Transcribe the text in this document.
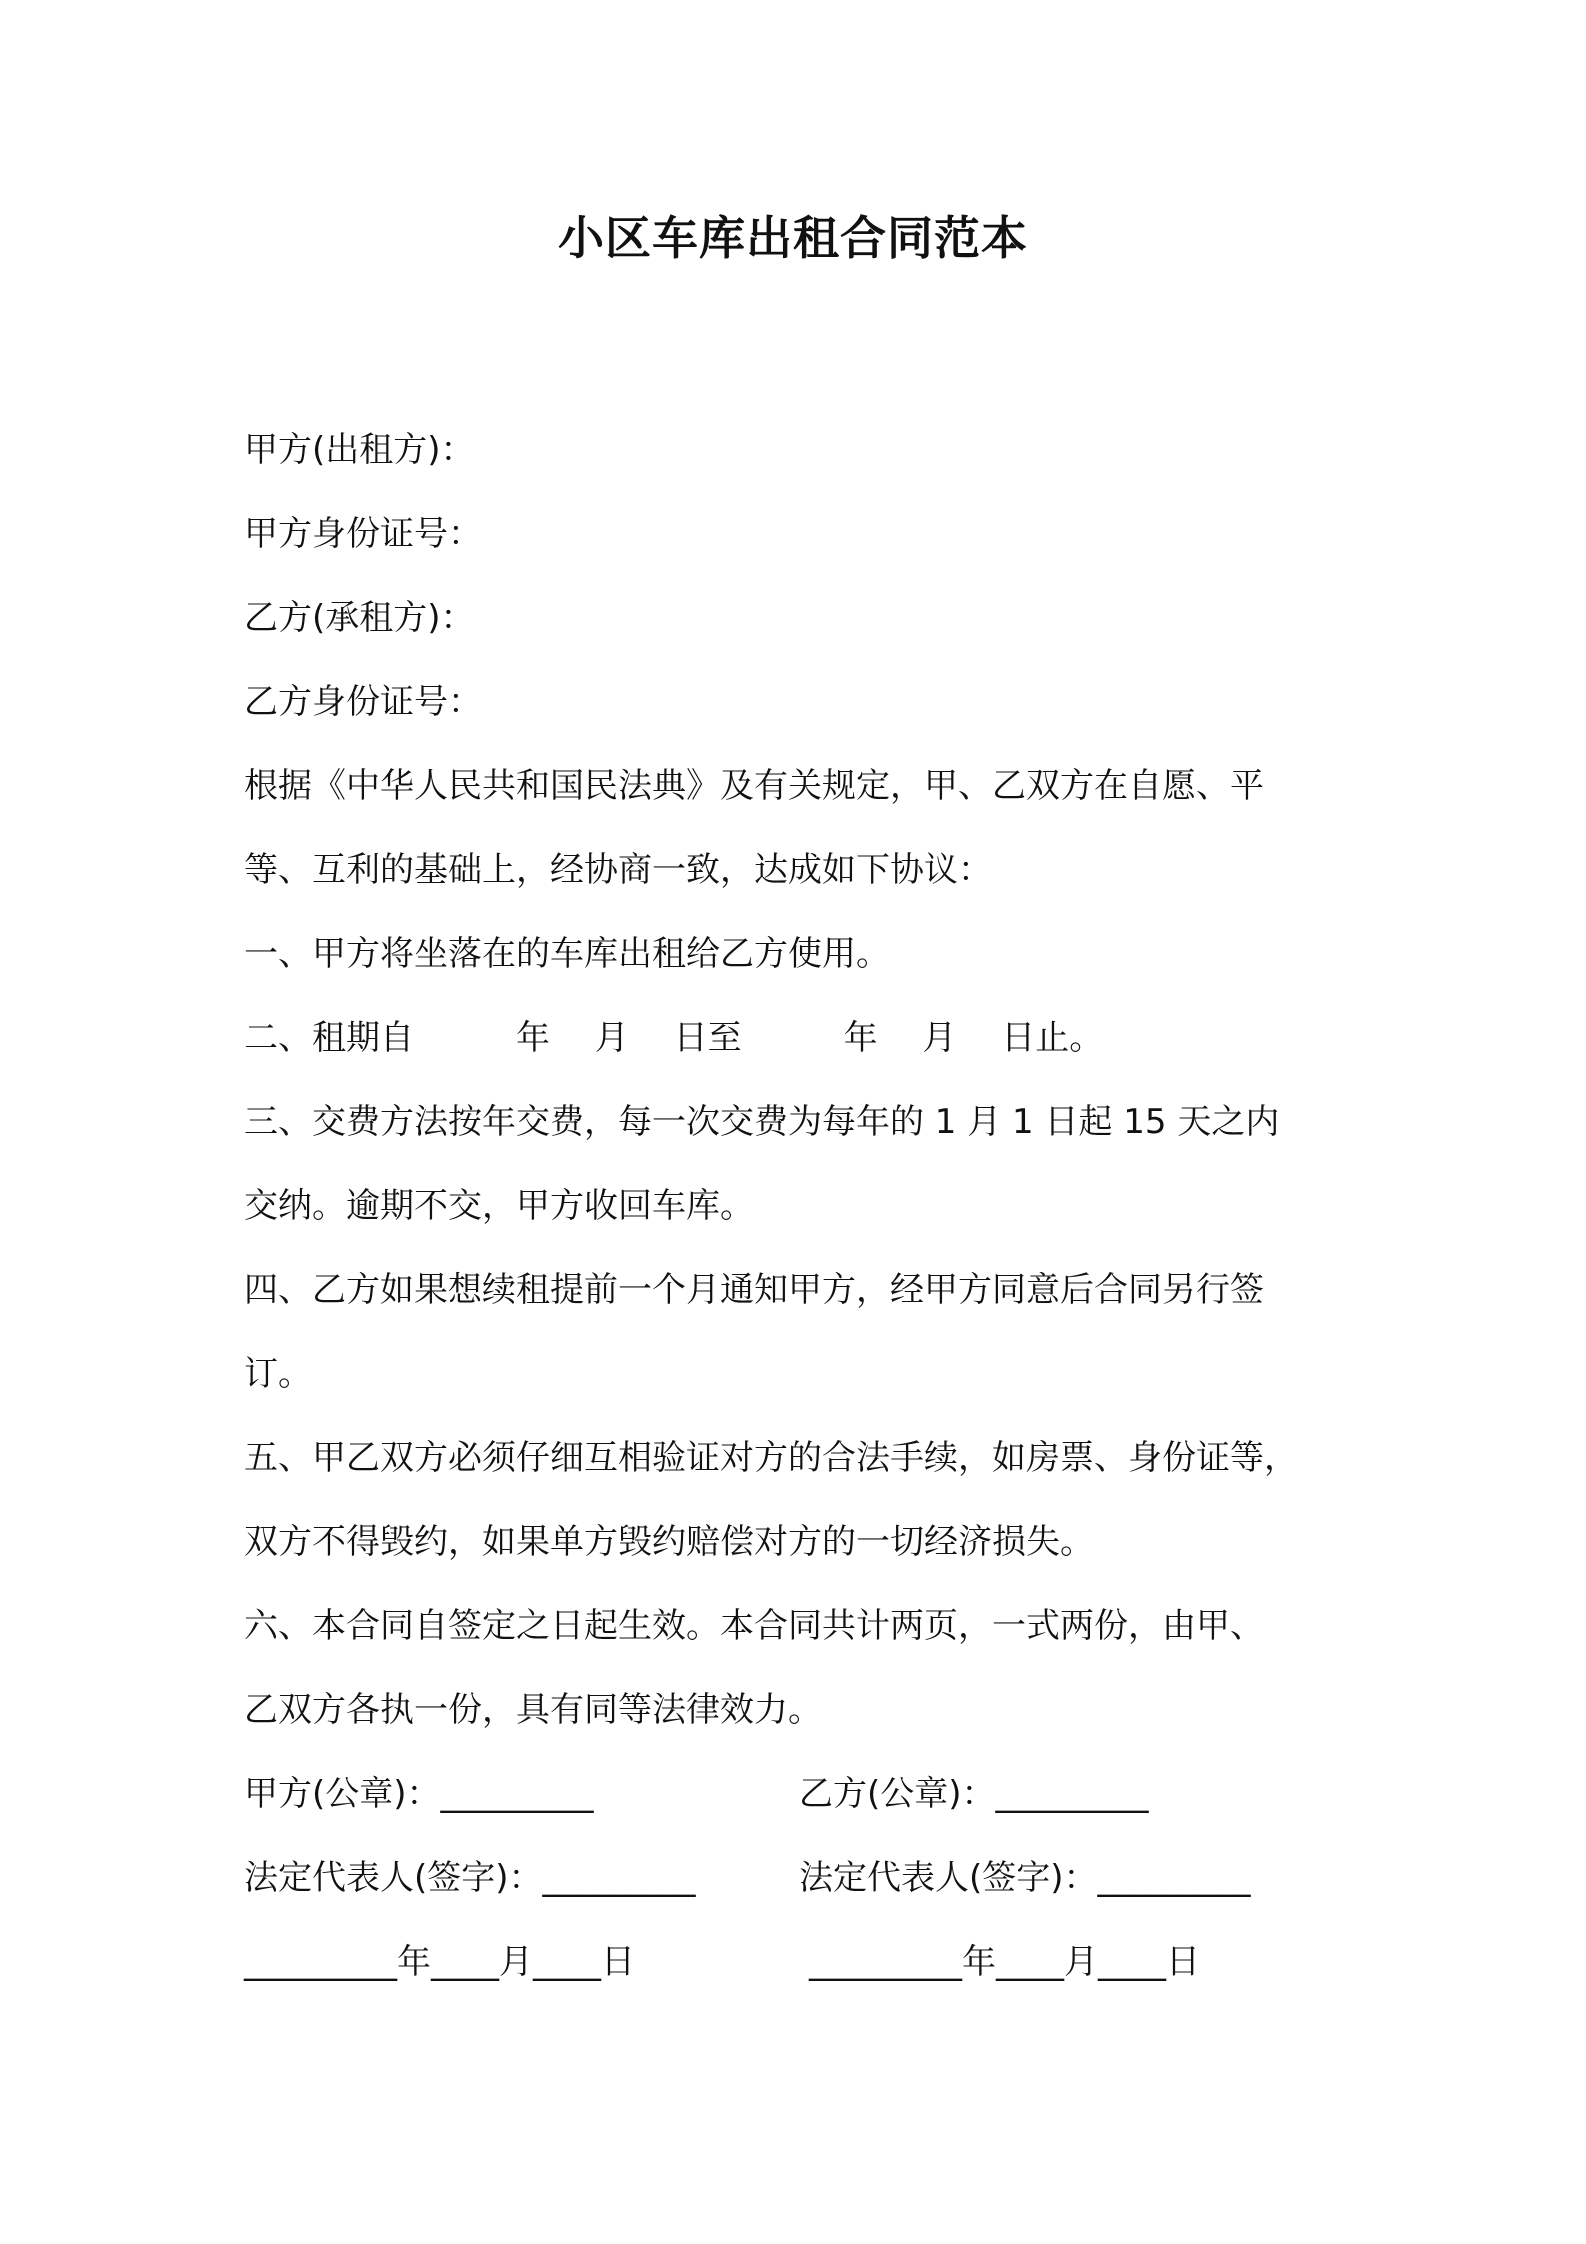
小区车库出租合同范本
甲方(出租方)：
甲方身份证号：
乙方(承租方)：
乙方身份证号：
根据《中华人民共和国民法典》及有关规定，甲、乙双方在自愿、平
等、互利的基础上，经协商一致，达成如下协议：
一、甲方将坐落在的车库出租给乙方使用。
二、租期自　　　年　 月　 日至　　　年　 月　 日止。
三、交费方法按年交费，每一次交费为每年的 1 月 1 日起 15 天之内
交纳。逾期不交，甲方收回车库。
四、乙方如果想续租提前一个月通知甲方，经甲方同意后合同另行签
订。
五、甲乙双方必须仔细互相验证对方的合法手续，如房票、身份证等，
双方不得毁约，如果单方毁约赔偿对方的一切经济损失。
六、本合同自签定之日起生效。本合同共计两页，一式两份，由甲、
乙双方各执一份，具有同等法律效力。
甲方(公章)：_________	乙方(公章)：_________
法定代表人(签字)：_________	法定代表人(签字)：_________
_________年____月____日	_________年____月____日
